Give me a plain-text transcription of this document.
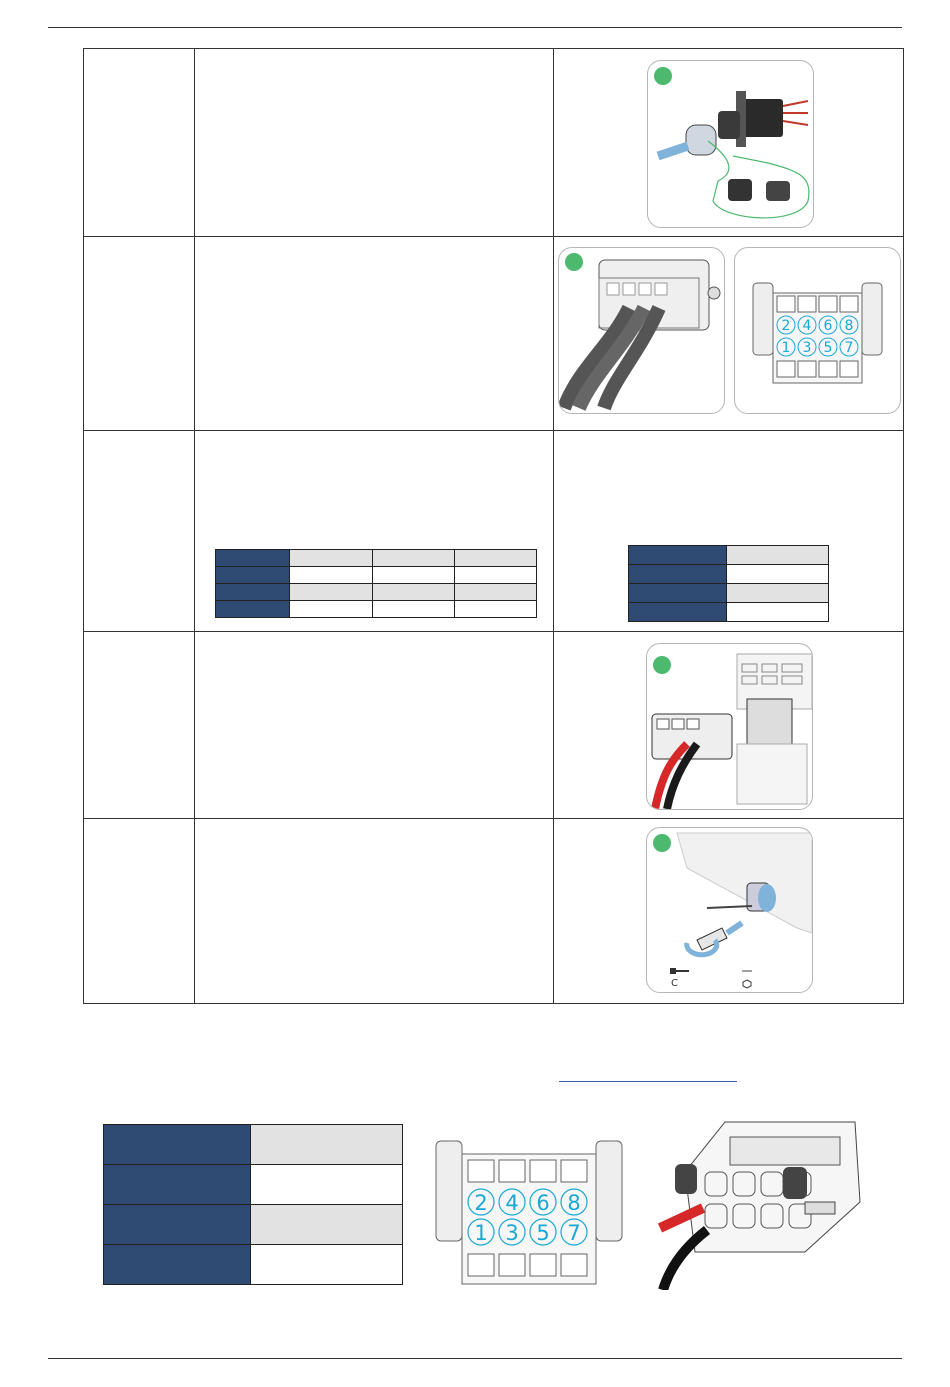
2 4 6 8
1 3 5 7

C

2 4 6 8
1 3 5 7
